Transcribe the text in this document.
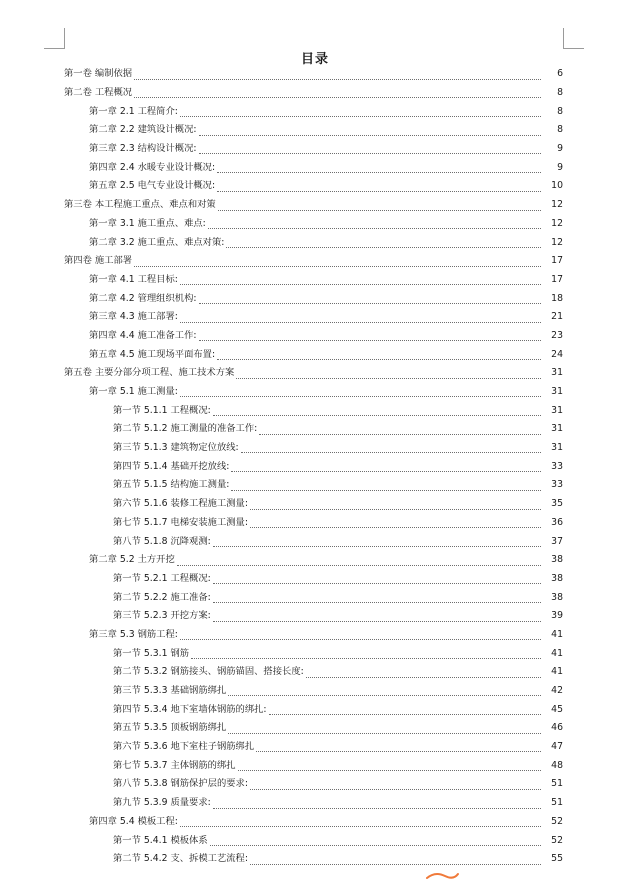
目录
第一卷 编制依据	6
第二卷 工程概况	8
第一章 2.1 工程简介:	8
第二章 2.2 建筑设计概况:	8
第三章 2.3 结构设计概况:	9
第四章 2.4 水暖专业设计概况:	9
第五章 2.5 电气专业设计概况:	10
第三卷 本工程施工重点、难点和对策	12
第一章 3.1 施工重点、难点:	12
第二章 3.2 施工重点、难点对策:	12
第四卷 施工部署	17
第一章 4.1 工程目标:	17
第二章 4.2 管理组织机构:	18
第三章 4.3 施工部署:	21
第四章 4.4 施工准备工作:	23
第五章 4.5 施工现场平面布置:	24
第五卷 主要分部分项工程、施工技术方案	31
第一章 5.1 施工测量:	31
第一节 5.1.1 工程概况:	31
第二节 5.1.2 施工测量的准备工作:	31
第三节 5.1.3 建筑物定位放线:	31
第四节 5.1.4 基础开挖放线:	33
第五节 5.1.5 结构施工测量:	33
第六节 5.1.6 装修工程施工测量:	35
第七节 5.1.7 电梯安装施工测量:	36
第八节 5.1.8 沉降观测:	37
第二章 5.2 土方开挖	38
第一节 5.2.1 工程概况:	38
第二节 5.2.2 施工准备:	38
第三节 5.2.3 开挖方案:	39
第三章 5.3 钢筋工程:	41
第一节 5.3.1 钢筋	41
第二节 5.3.2 钢筋接头、钢筋锚固、搭接长度:	41
第三节 5.3.3 基础钢筋绑扎	42
第四节 5.3.4 地下室墙体钢筋的绑扎:	45
第五节 5.3.5 顶板钢筋绑扎	46
第六节 5.3.6 地下室柱子钢筋绑扎	47
第七节 5.3.7 主体钢筋的绑扎	48
第八节 5.3.8 钢筋保护层的要求:	51
第九节 5.3.9 质量要求:	51
第四章 5.4 模板工程:	52
第一节 5.4.1 模板体系	52
第二节 5.4.2 支、拆模工艺流程:	55
